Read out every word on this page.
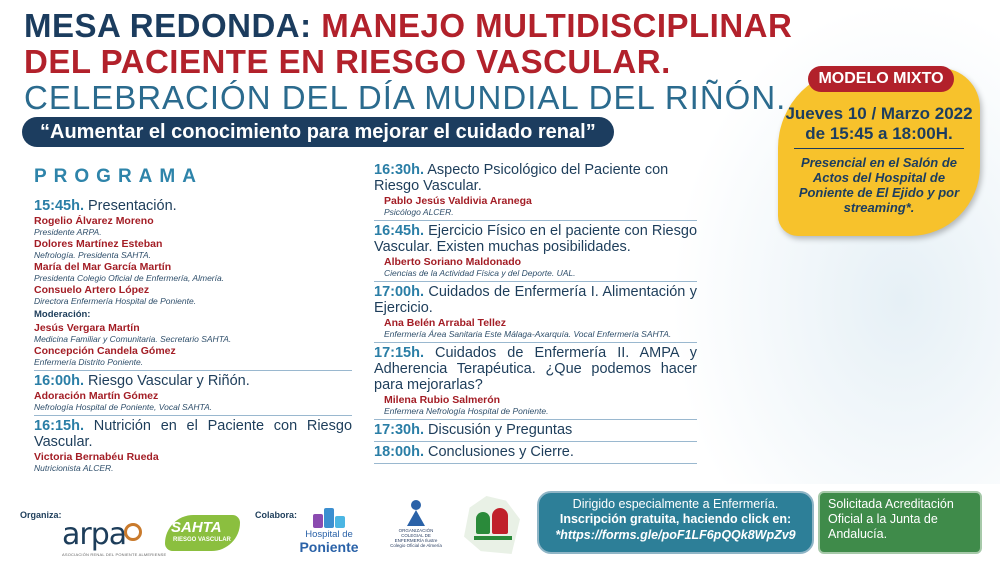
MESA REDONDA: MANEJO MULTIDISCIPLINAR
DEL PACIENTE EN RIESGO VASCULAR.
CELEBRACIÓN DEL DÍA MUNDIAL DEL RIÑÓN.
“Aumentar el conocimiento para mejorar el cuidado renal”
PROGRAMA
15:45h. Presentación.
Rogelio Álvarez Moreno
Presidente ARPA.
Dolores Martínez Esteban
Nefrología. Presidenta SAHTA.
María del Mar García Martín
Presidenta Colegio Oficial de Enfermería, Almería.
Consuelo Artero López
Directora Enfermería Hospital de Poniente.
Moderación:
Jesús Vergara Martín
Medicina Familiar y Comunitaria. Secretario SAHTA.
Concepción Candela Gómez
Enfermería Distrito Poniente.
16:00h. Riesgo Vascular y Riñón.
Adoración Martín Gómez
Nefrología Hospital de Poniente, Vocal SAHTA.
16:15h. Nutrición en el Paciente con Riesgo Vascular.
Victoria Bernabéu Rueda
Nutricionista ALCER.
16:30h. Aspecto Psicológico del Paciente con Riesgo Vascular.
Pablo Jesús Valdivia Aranega
Psicólogo ALCER.
16:45h. Ejercicio Físico en el paciente con Riesgo Vascular. Existen muchas posibilidades.
Alberto Soriano Maldonado
Ciencias de la Actividad Física y del Deporte. UAL.
17:00h. Cuidados de Enfermería I. Alimentación y Ejercicio.
Ana Belén Arrabal Tellez
Enfermería Área Sanitaria Este Málaga-Axarquía. Vocal Enfermería SAHTA.
17:15h. Cuidados de Enfermería II. AMPA y Adherencia Terapéutica. ¿Que podemos hacer para mejorarlas?
Milena Rubio Salmerón
Enfermera Nefrología Hospital de Poniente.
17:30h. Discusión y Preguntas
18:00h. Conclusiones y Cierre.
MODELO MIXTO
Jueves 10 / Marzo 2022
de 15:45 a 18:00H.
Presencial en el Salón de Actos del Hospital de Poniente de El Ejido y por streaming*.
Organiza:
arpa
ASOCIACIÓN RENAL DEL PONIENTE ALMERIENSE
SAHTA
RIESGO VASCULAR
Colabora:
Hospital de
Poniente
ORGANIZACIÓN COLEGIAL DE ENFERMERÍA Ilustre Colegio Oficial de Almería
Dirigido especialmente a Enfermería.
Inscripción gratuita, haciendo click en:
*https://forms.gle/poF1LF6pQQk8WpZv9
Solicitada Acreditación Oficial a la Junta de Andalucía.
